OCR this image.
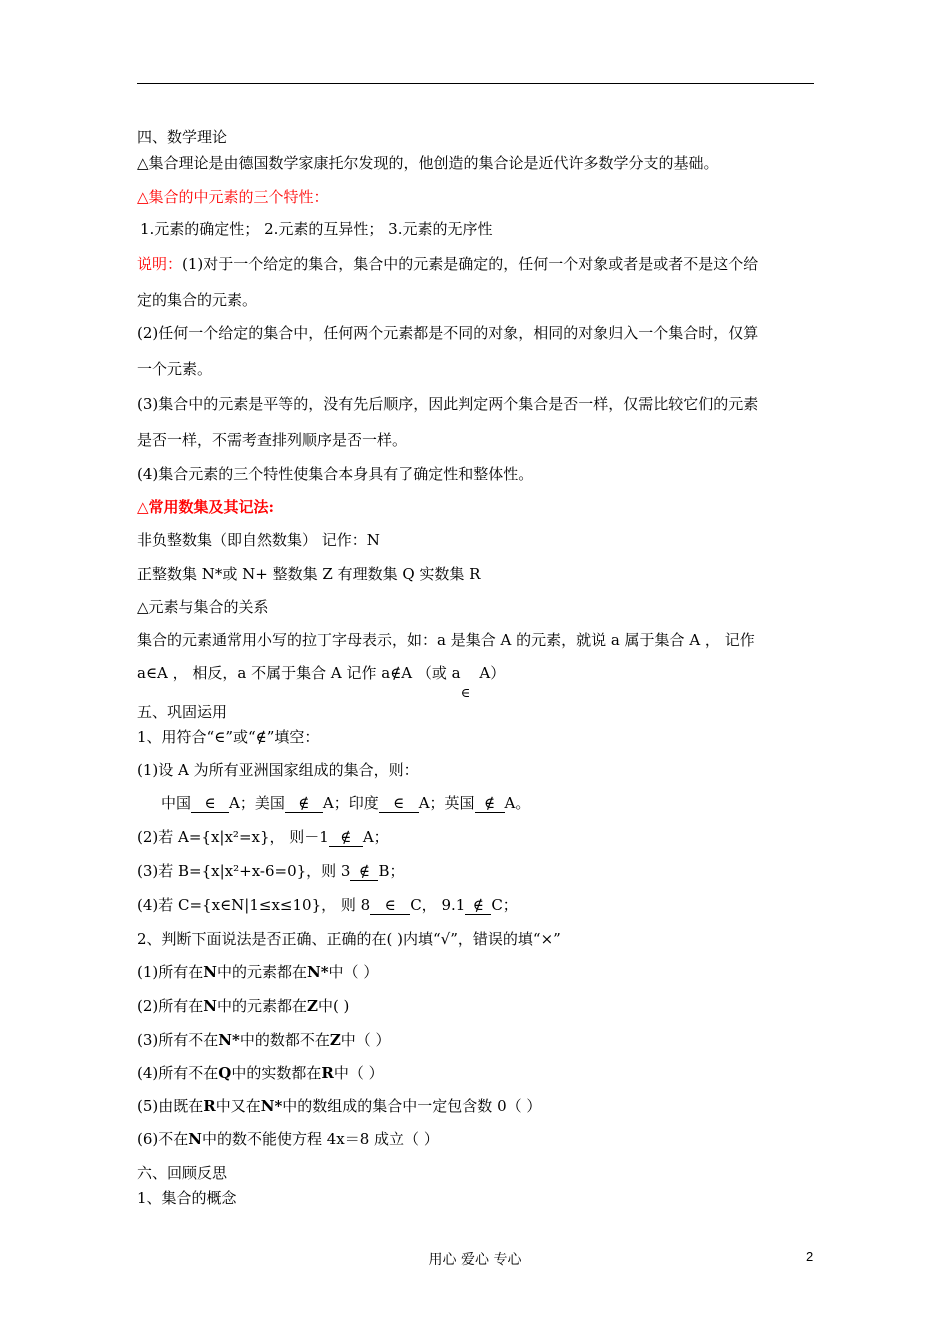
四、数学理论
△集合理论是由德国数学家康托尔发现的，他创造的集合论是近代许多数学分支的基础。
△集合的中元素的三个特性：
1.元素的确定性； 2.元素的互异性； 3.元素的无序性
说明：(1)对于一个给定的集合，集合中的元素是确定的，任何一个对象或者是或者不是这个给
定的集合的元素。
(2)任何一个给定的集合中，任何两个元素都是不同的对象，相同的对象归入一个集合时，仅算
一个元素。
(3)集合中的元素是平等的，没有先后顺序，因此判定两个集合是否一样，仅需比较它们的元素
是否一样，不需考查排列顺序是否一样。
(4)集合元素的三个特性使集合本身具有了确定性和整体性。
△常用数集及其记法:
非负整数集（即自然数集） 记作：N
正整数集 N*或 N+ 整数集 Z 有理数集 Q 实数集 R
△元素与集合的关系
集合的元素通常用小写的拉丁字母表示，如：a 是集合 A 的元素，就说 a 属于集合 A ， 记作
a∈A ， 相反，a 不属于集合 A 记作 a∉A （或 a
∈
A）
五、巩固运用
1、用符合“∈”或“∉”填空：
(1)设 A 为所有亚洲国家组成的集合，则：
中国 ∈ A；美国 ∉ A；印度 ∈ A；英国 ∉ A。
(2)若 A={x|x²=x}， 则－1 ∉ A；
(3)若 B={x|x²+x-6=0}，则 3 ∉ B；
(4)若 C={x∈N|1≤x≤10}， 则 8 ∈ C， 9.1 ∉ C；
2、判断下面说法是否正确、正确的在( )内填“√”，错误的填“×”
(1)所有在N中的元素都在N*中（ ）
(2)所有在N中的元素都在Z中( )
(3)所有不在N*中的数都不在Z中（ ）
(4)所有不在Q中的实数都在R中（ ）
(5)由既在R中又在N*中的数组成的集合中一定包含数 0（ ）
(6)不在N中的数不能使方程 4x＝8 成立（ ）
六、回顾反思
1、集合的概念
用心 爱心 专心	2
